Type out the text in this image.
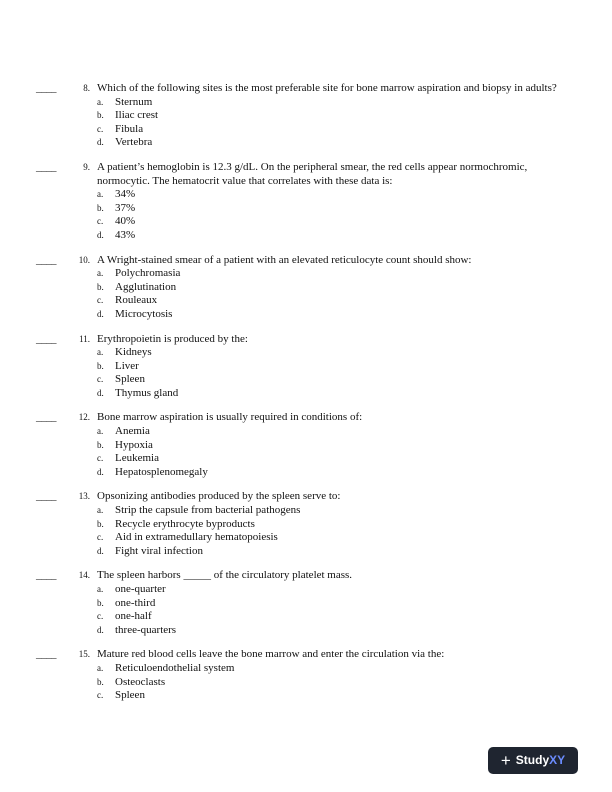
____	8. Which of the following sites is the most preferable site for bone marrow aspiration and biopsy in adults?

a.	Sternum
b.	Iliac crest
c.	Fibula
d.	Vertebra
____	9. A patient’s hemoglobin is 12.3 g/dL. On the peripheral smear, the red cells appear normochromic, normocytic. The hematocrit value that correlates with these data is:

a.	34%
b.	37%
c.	40%
d.	43%
____	10. A Wright-stained smear of a patient with an elevated reticulocyte count should show:

a.	Polychromasia
b.	Agglutination
c.	Rouleaux
d.	Microcytosis
____	11. Erythropoietin is produced by the:

a.	Kidneys
b.	Liver
c.	Spleen
d.	Thymus gland
____	12. Bone marrow aspiration is usually required in conditions of:

a.	Anemia
b.	Hypoxia
c.	Leukemia
d.	Hepatosplenomegaly
____	13. Opsonizing antibodies produced by the spleen serve to:

a.	Strip the capsule from bacterial pathogens
b.	Recycle erythrocyte byproducts
c.	Aid in extramedullary hematopoiesis
d.	Fight viral infection
____	14. The spleen harbors _____ of the circulatory platelet mass.

a.	one-quarter
b.	one-third
c.	one-half
d.	three-quarters
____	15. Mature red blood cells leave the bone marrow and enter the circulation via the:

a.	Reticuloendothelial system
b.	Osteoclasts
c.	Spleen
+ Study XY
